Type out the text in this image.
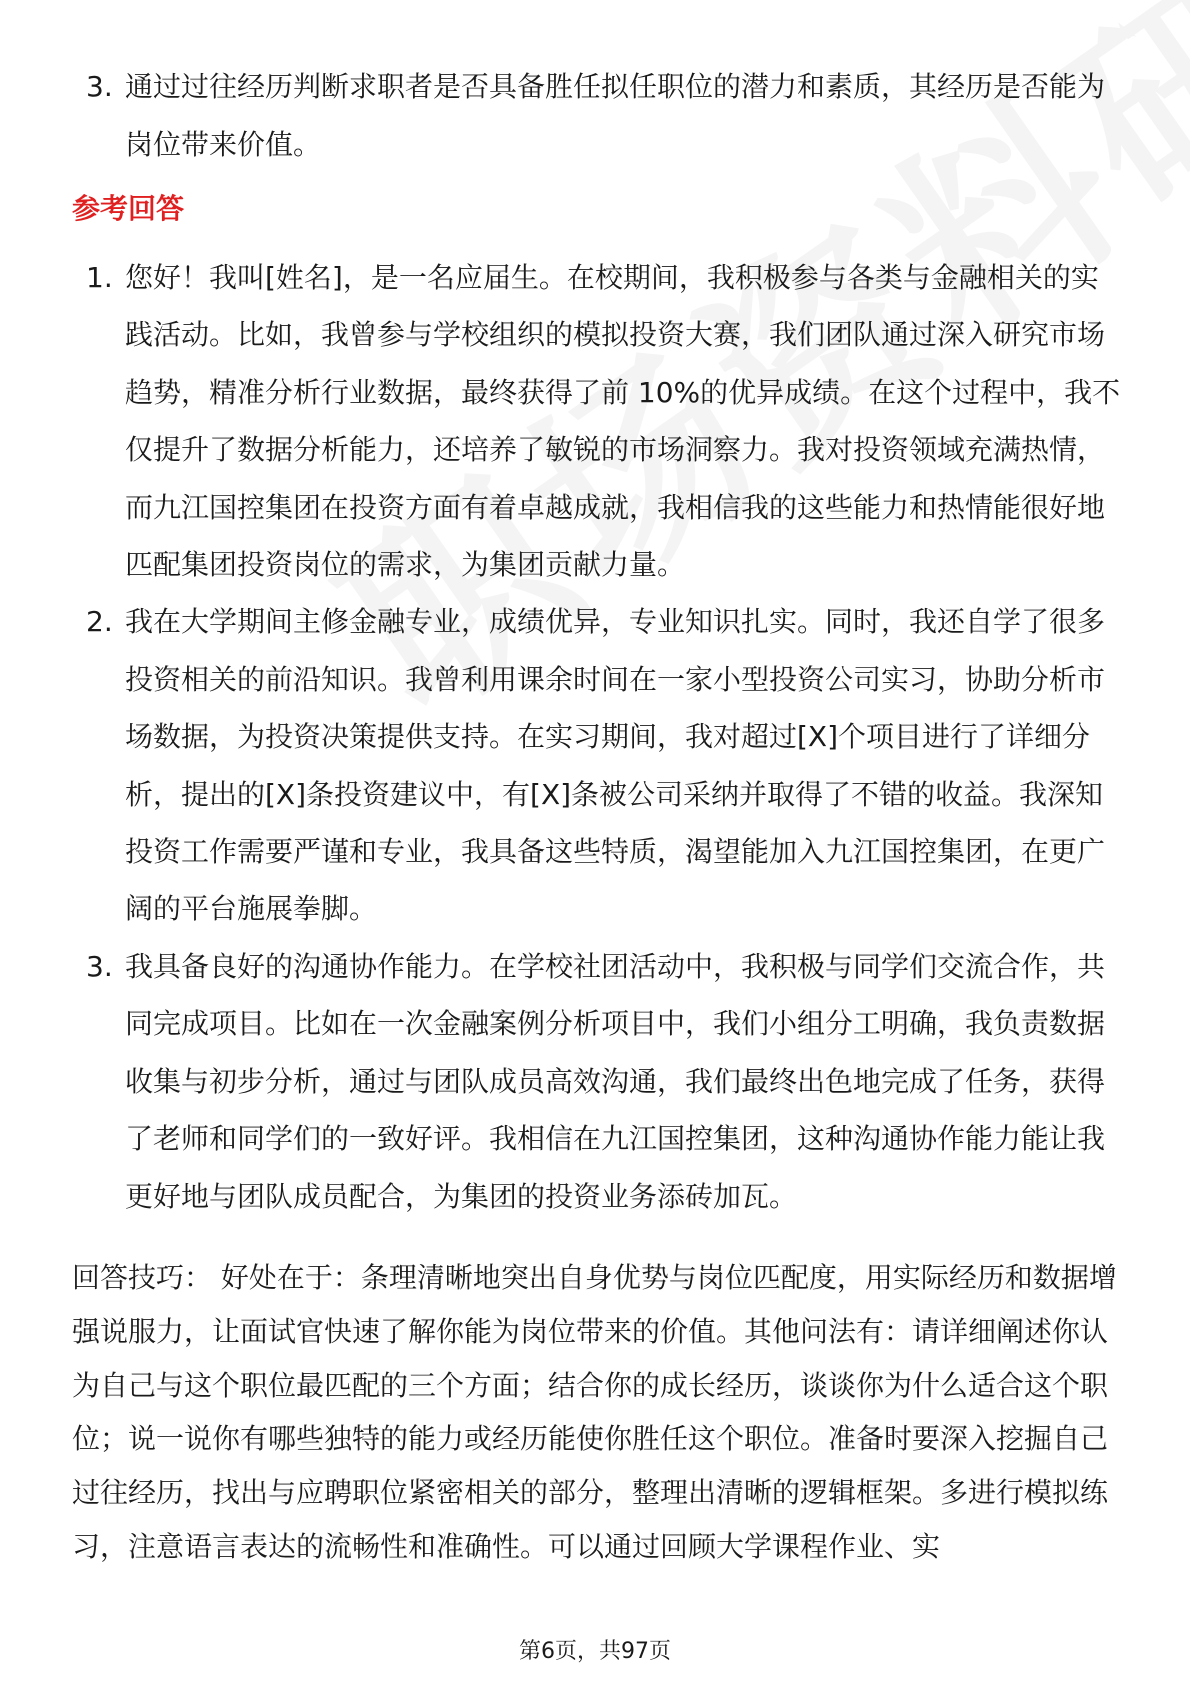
3. 通过过往经历判断求职者是否具备胜任拟任职位的潜力和素质，其经历是否能为岗位带来价值。
参考回答
1. 您好！我叫[姓名]，是一名应届生。在校期间，我积极参与各类与金融相关的实践活动。比如，我曾参与学校组织的模拟投资大赛，我们团队通过深入研究市场趋势，精准分析行业数据，最终获得了前 10%的优异成绩。在这个过程中，我不仅提升了数据分析能力，还培养了敏锐的市场洞察力。我对投资领域充满热情，而九江国控集团在投资方面有着卓越成就，我相信我的这些能力和热情能很好地匹配集团投资岗位的需求，为集团贡献力量。
2. 我在大学期间主修金融专业，成绩优异，专业知识扎实。同时，我还自学了很多投资相关的前沿知识。我曾利用课余时间在一家小型投资公司实习，协助分析市场数据，为投资决策提供支持。在实习期间，我对超过[X]个项目进行了详细分析，提出的[X]条投资建议中，有[X]条被公司采纳并取得了不错的收益。我深知投资工作需要严谨和专业，我具备这些特质，渴望能加入九江国控集团，在更广阔的平台施展拳脚。
3. 我具备良好的沟通协作能力。在学校社团活动中，我积极与同学们交流合作，共同完成项目。比如在一次金融案例分析项目中，我们小组分工明确，我负责数据收集与初步分析，通过与团队成员高效沟通，我们最终出色地完成了任务，获得了老师和同学们的一致好评。我相信在九江国控集团，这种沟通协作能力能让我更好地与团队成员配合，为集团的投资业务添砖加瓦。
回答技巧： 好处在于：条理清晰地突出自身优势与岗位匹配度，用实际经历和数据增强说服力，让面试官快速了解你能为岗位带来的价值。其他问法有：请详细阐述你认为自己与这个职位最匹配的三个方面；结合你的成长经历，谈谈你为什么适合这个职位；说一说你有哪些独特的能力或经历能使你胜任这个职位。准备时要深入挖掘自己过往经历，找出与应聘职位紧密相关的部分，整理出清晰的逻辑框架。多进行模拟练习，注意语言表达的流畅性和准确性。可以通过回顾大学课程作业、实
第6页，共97页
